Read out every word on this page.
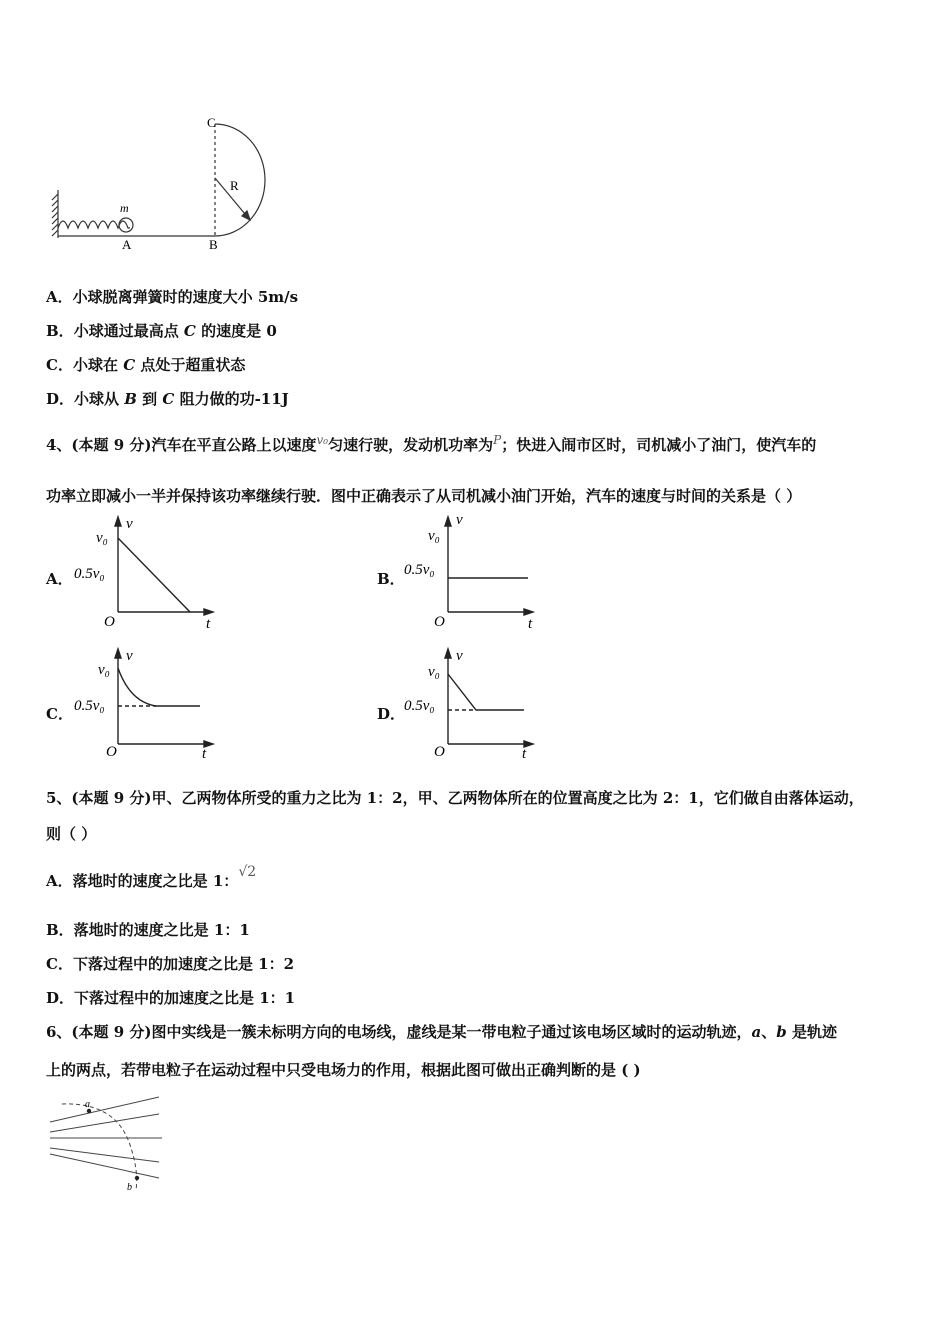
C
R
m
A	B
A．小球脱离弹簧时的速度大小 5m/s
B．小球通过最高点 C 的速度是 0
C．小球在 C 点处于超重状态
D．小球从 B 到 C 阻力做的功-11J
4、(本题 9 分)汽车在平直公路上以速度$^{v_0}$匀速行驶，发动机功率为$^P$；快进入闹市区时，司机减小了油门，使汽车的
功率立即减小一半并保持该功率继续行驶．图中正确表示了从司机减小油门开始，汽车的速度与时间的关系是（ ）
A．
v₀
0.5v₀
v
t
O
B．
v₀
0.5v₀
v
t
O
C．
v₀
0.5v₀
v
t
O
D．
v₀
0.5v₀
v
t
O
5、(本题 9 分)甲、乙两物体所受的重力之比为 1：2，甲、乙两物体所在的位置高度之比为 2：1，它们做自由落体运动，
则（ ）
A．落地时的速度之比是 1：√2
B．落地时的速度之比是 1：1
C．下落过程中的加速度之比是 1：2
D．下落过程中的加速度之比是 1：1
6、(本题 9 分)图中实线是一簇未标明方向的电场线，虚线是某一带电粒子通过该电场区域时的运动轨迹，a、b 是轨迹
上的两点，若带电粒子在运动过程中只受电场力的作用，根据此图可做出正确判断的是 ( )
a
b
